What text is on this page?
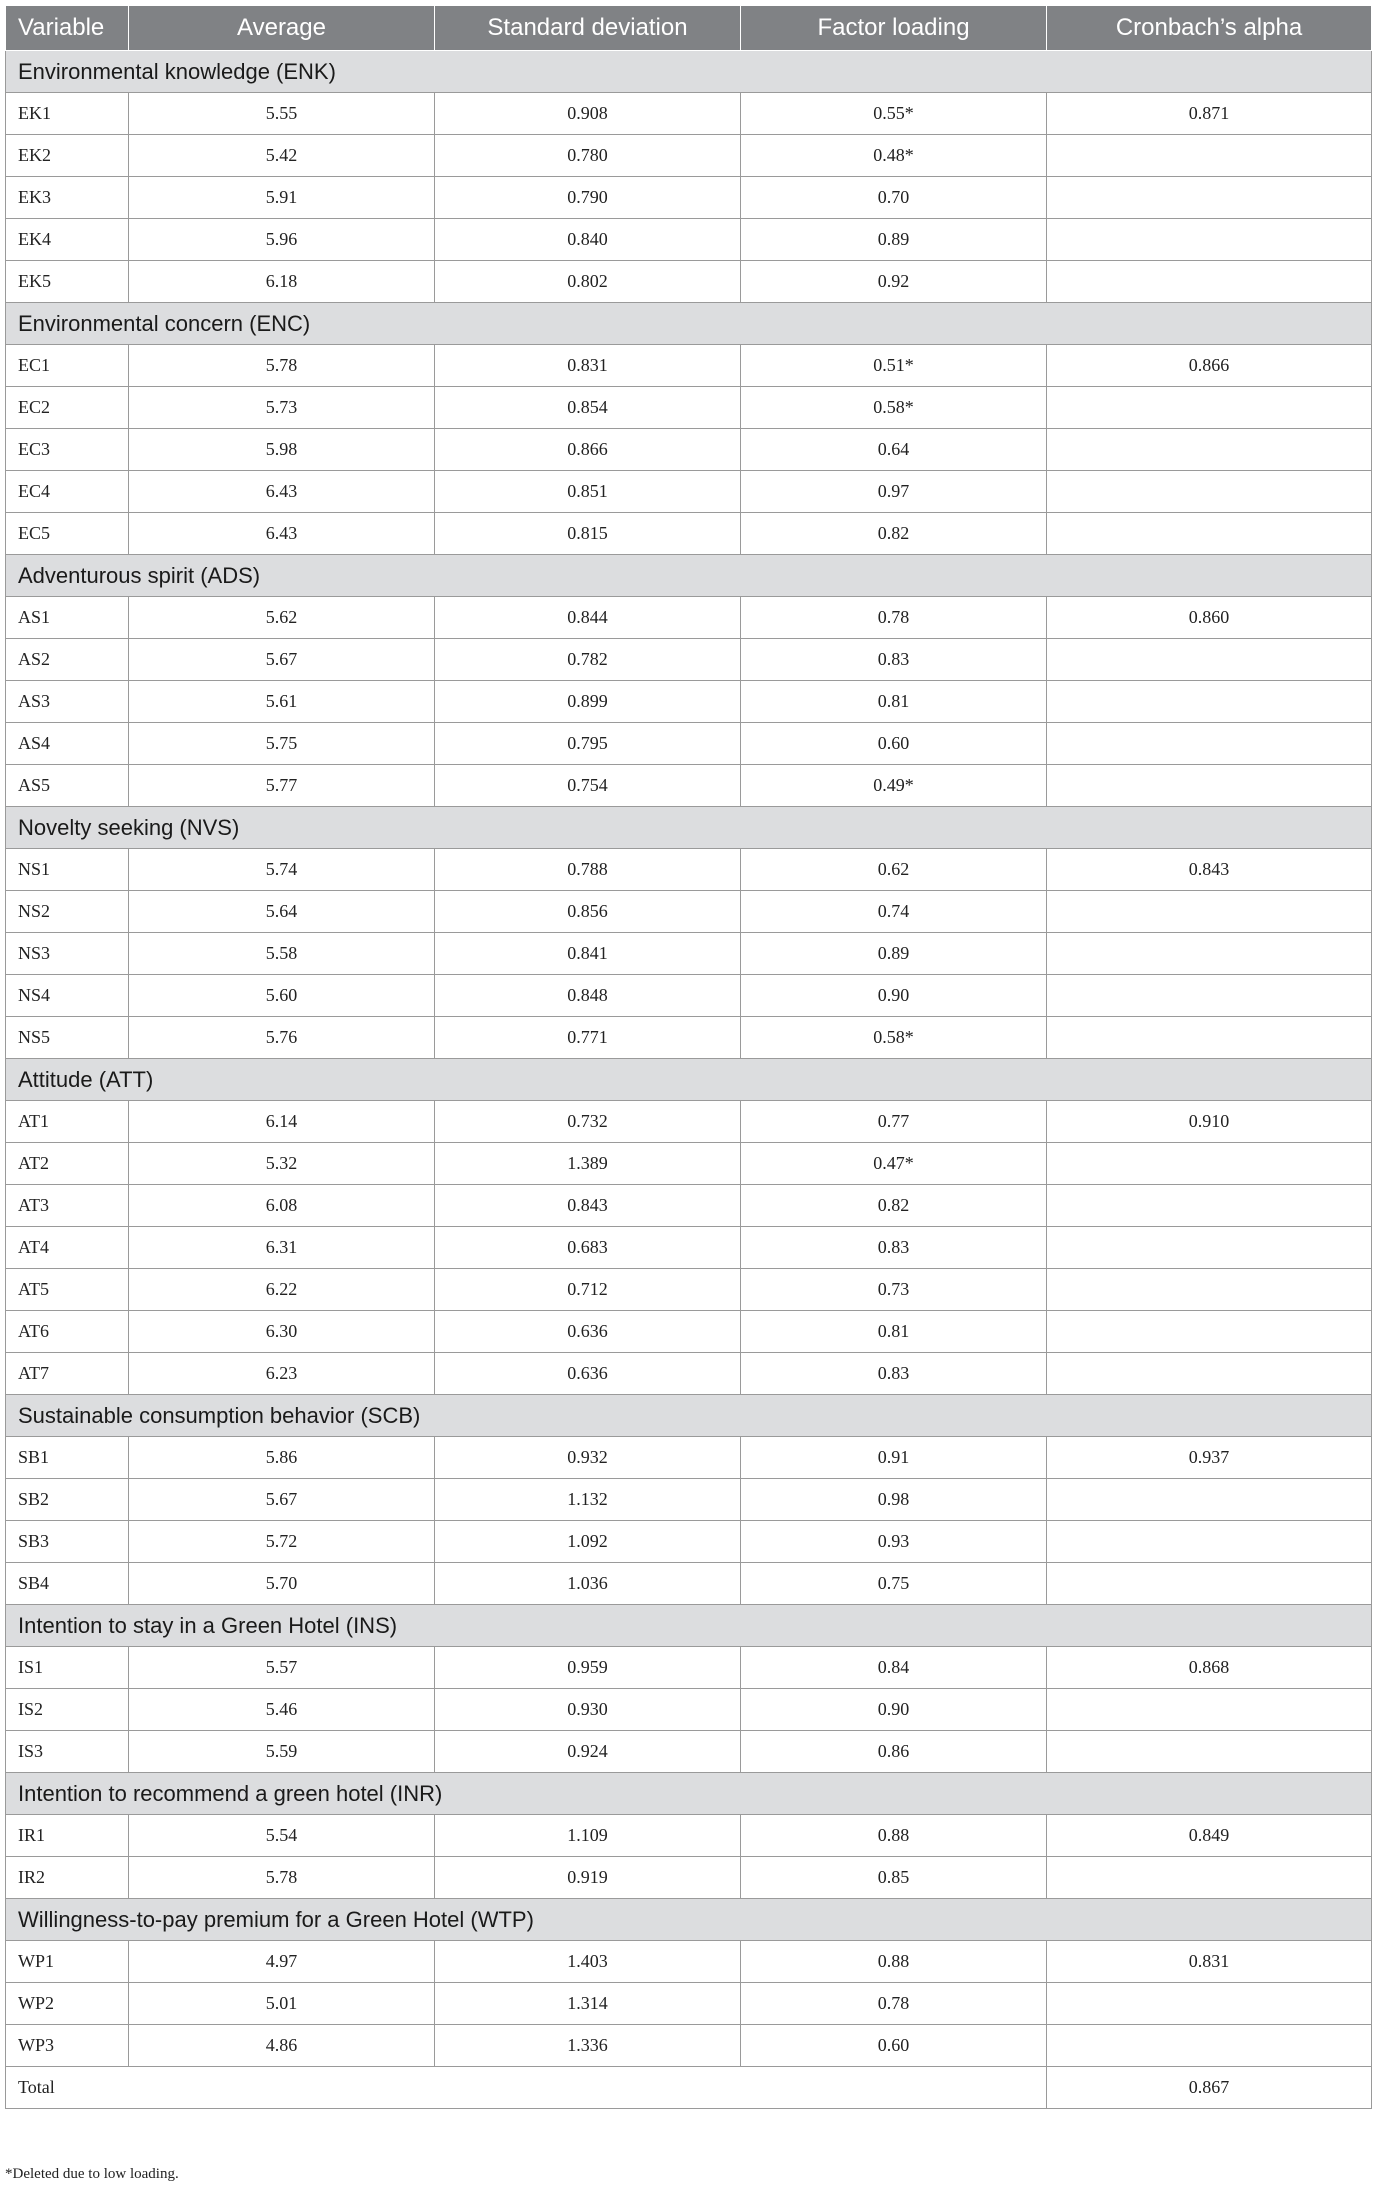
Variable	Average	Standard deviation	Factor loading	Cronbach’s alpha
Environmental knowledge (ENK)				
EK1	5.55	0.908	0.55*	0.871
EK2	5.42	0.780	0.48*	
EK3	5.91	0.790	0.70	
EK4	5.96	0.840	0.89	
EK5	6.18	0.802	0.92	
Environmental concern (ENC)				
EC1	5.78	0.831	0.51*	0.866
EC2	5.73	0.854	0.58*	
EC3	5.98	0.866	0.64	
EC4	6.43	0.851	0.97	
EC5	6.43	0.815	0.82	
Adventurous spirit (ADS)				
AS1	5.62	0.844	0.78	0.860
AS2	5.67	0.782	0.83	
AS3	5.61	0.899	0.81	
AS4	5.75	0.795	0.60	
AS5	5.77	0.754	0.49*	
Novelty seeking (NVS)				
NS1	5.74	0.788	0.62	0.843
NS2	5.64	0.856	0.74	
NS3	5.58	0.841	0.89	
NS4	5.60	0.848	0.90	
NS5	5.76	0.771	0.58*	
Attitude (ATT)				
AT1	6.14	0.732	0.77	0.910
AT2	5.32	1.389	0.47*	
AT3	6.08	0.843	0.82	
AT4	6.31	0.683	0.83	
AT5	6.22	0.712	0.73	
AT6	6.30	0.636	0.81	
AT7	6.23	0.636	0.83	
Sustainable consumption behavior (SCB)				
SB1	5.86	0.932	0.91	0.937
SB2	5.67	1.132	0.98	
SB3	5.72	1.092	0.93	
SB4	5.70	1.036	0.75	
Intention to stay in a Green Hotel (INS)				
IS1	5.57	0.959	0.84	0.868
IS2	5.46	0.930	0.90	
IS3	5.59	0.924	0.86	
Intention to recommend a green hotel (INR)				
IR1	5.54	1.109	0.88	0.849
IR2	5.78	0.919	0.85	
Willingness-to-pay premium for a Green Hotel (WTP)				
WP1	4.97	1.403	0.88	0.831
WP2	5.01	1.314	0.78	
WP3	4.86	1.336	0.60	
Total				0.867
*Deleted due to low loading.
